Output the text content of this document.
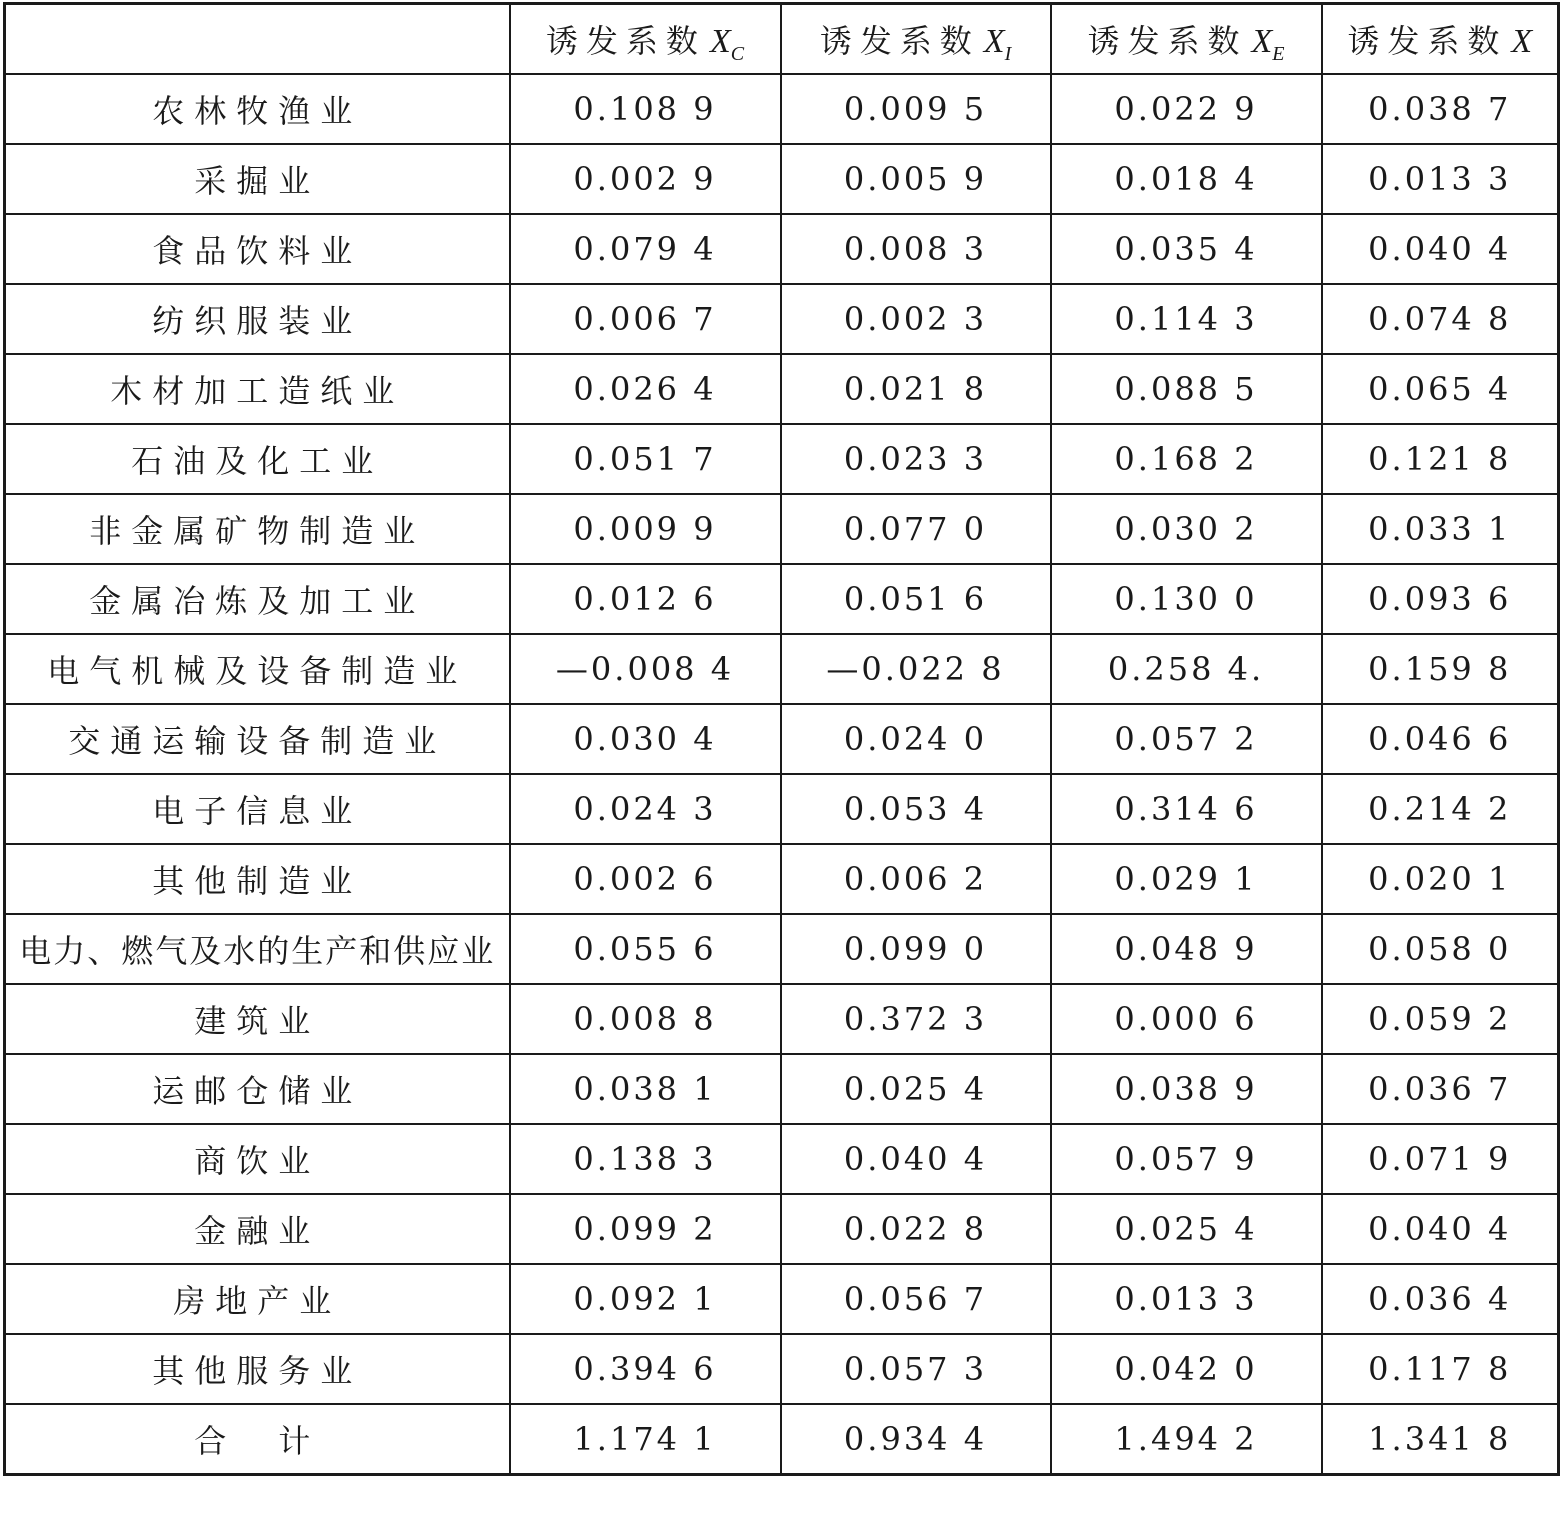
	诱发系数 $X_C$	诱发系数 $X_I$	诱发系数 $X_E$	诱发系数 X
农林牧渔业	0.108 9	0.009 5	0.022 9	0.038 7
采掘业	0.002 9	0.005 9	0.018 4	0.013 3
食品饮料业	0.079 4	0.008 3	0.035 4	0.040 4
纺织服装业	0.006 7	0.002 3	0.114 3	0.074 8
木材加工造纸业	0.026 4	0.021 8	0.088 5	0.065 4
石油及化工业	0.051 7	0.023 3	0.168 2	0.121 8
非金属矿物制造业	0.009 9	0.077 0	0.030 2	0.033 1
金属冶炼及加工业	0.012 6	0.051 6	0.130 0	0.093 6
电气机械及设备制造业	—0.008 4	—0.022 8	0.258 4.	0.159 8
交通运输设备制造业	0.030 4	0.024 0	0.057 2	0.046 6
电子信息业	0.024 3	0.053 4	0.314 6	0.214 2
其他制造业	0.002 6	0.006 2	0.029 1	0.020 1
电力、燃气及水的生产和供应业	0.055 6	0.099 0	0.048 9	0.058 0
建筑业	0.008 8	0.372 3	0.000 6	0.059 2
运邮仓储业	0.038 1	0.025 4	0.038 9	0.036 7
商饮业	0.138 3	0.040 4	0.057 9	0.071 9
金融业	0.099 2	0.022 8	0.025 4	0.040 4
房地产业	0.092 1	0.056 7	0.013 3	0.036 4
其他服务业	0.394 6	0.057 3	0.042 0	0.117 8
合　计	1.174 1	0.934 4	1.494 2	1.341 8
